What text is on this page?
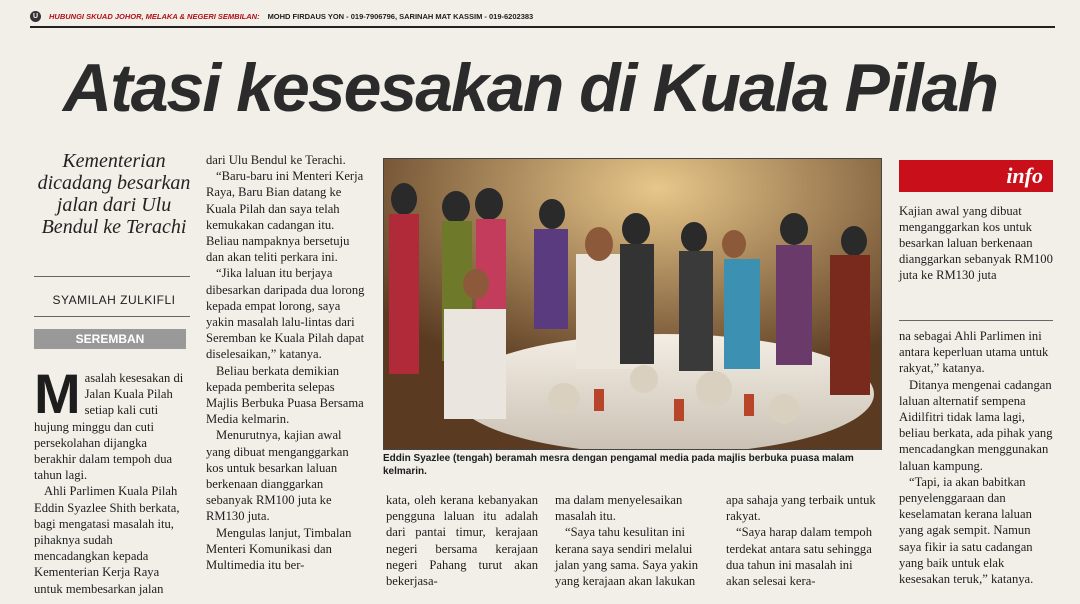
U	HUBUNGI SKUAD JOHOR, MELAKA & NEGERI SEMBILAN: MOHD FIRDAUS YON - 019-7906796, SARINAH MAT KASSIM - 019-6202383
Atasi kesesakan di Kuala Pilah
Kementerian dicadang besarkan jalan dari Ulu Bendul ke Terachi
SYAMILAH ZULKIFLI
SEREMBAN
M asalah kesesakan di Jalan Kuala Pilah setiap kali cuti hujung minggu dan cuti persekolahan dijangka berakhir dalam tempoh dua tahun lagi.

Ahli Parlimen Kuala Pilah Eddin Syazlee Shith berkata, bagi mengatasi masalah itu, pihaknya sudah mencadangkan kepada Kementerian Kerja Raya untuk membesarkan jalan

dari Ulu Bendul ke Terachi.

“Baru-baru ini Menteri Kerja Raya, Baru Bian datang ke Kuala Pilah dan saya telah kemukakan cadangan itu. Beliau nampaknya bersetuju dan akan teliti perkara ini.

“Jika laluan itu berjaya dibesarkan daripada dua lorong kepada empat lorong, saya yakin masalah lalu-lintas dari Seremban ke Kuala Pilah dapat diselesaikan,” katanya.

Beliau berkata demikian kepada pemberita selepas Majlis Berbuka Puasa Bersama Media kelmarin.

Menurutnya, kajian awal yang dibuat menganggarkan kos untuk besarkan laluan berkenaan dianggarkan sebanyak RM100 juta ke RM130 juta.

Mengulas lanjut, Timbalan Menteri Komunikasi dan Multimedia itu ber-

Eddin Syazlee (tengah) beramah mesra dengan pengamal media pada majlis berbuka puasa malam kelmarin.

kata, oleh kerana kebanyakan pengguna laluan itu adalah dari pantai timur, kerajaan negeri bersama kerajaan negeri Pahang turut akan bekerjasa-

ma dalam menyelesaikan masalah itu.

“Saya tahu kesulitan ini kerana saya sendiri melalui jalan yang sama. Saya yakin yang kerajaan akan lakukan

apa sahaja yang terbaik untuk rakyat.

“Saya harap dalam tempoh terdekat antara satu sehingga dua tahun ini masalah ini akan selesai kera-

info
Kajian awal yang dibuat menganggarkan kos untuk besarkan laluan berkenaan dianggarkan sebanyak RM100 juta ke RM130 juta

na sebagai Ahli Parlimen ini antara keperluan utama untuk rakyat,” katanya.

Ditanya mengenai cadangan laluan alternatif sempena Aidilfitri tidak lama lagi, beliau berkata, ada pihak yang mencadangkan menggunakan laluan kampung.

“Tapi, ia akan babitkan penyelenggaraan dan keselamatan kerana laluan yang agak sempit. Namun saya fikir ia satu cadangan yang baik untuk elak kesesakan teruk,” katanya.
